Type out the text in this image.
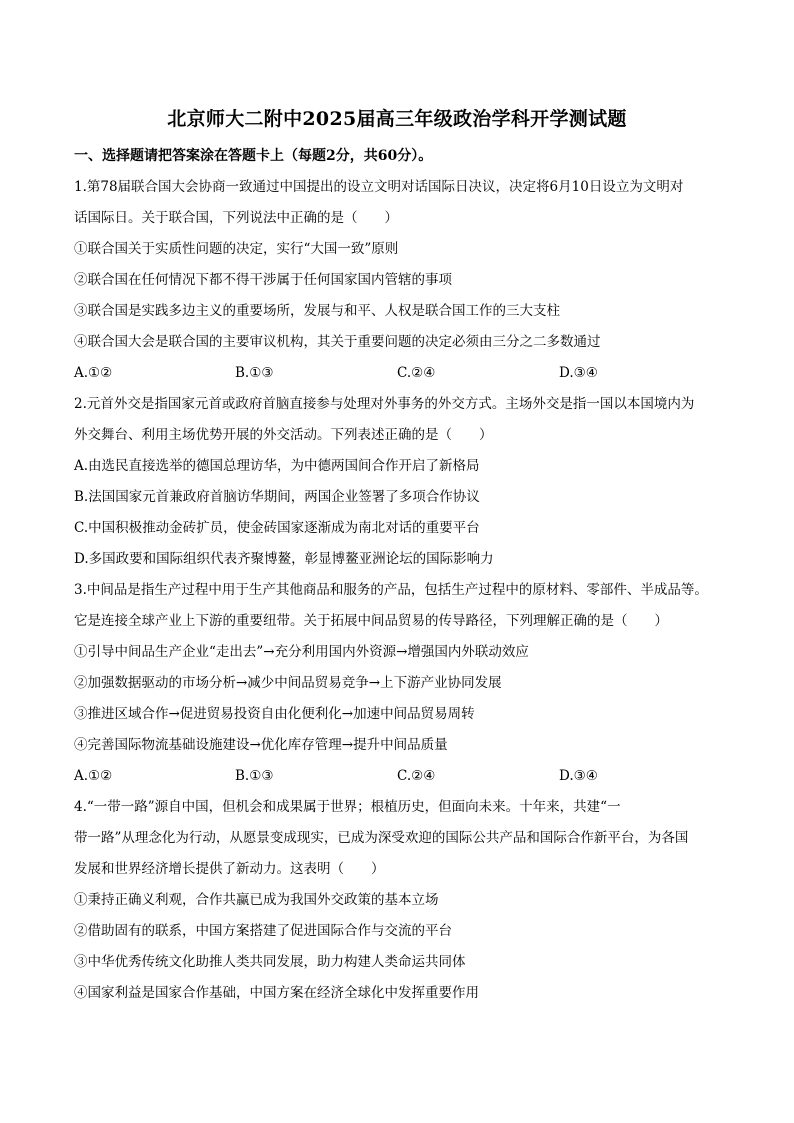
北京师大二附中2025届高三年级政治学科开学测试题
一、选择题请把答案涂在答题卡上（每题2分，共60分）。
1.第78届联合国大会协商一致通过中国提出的设立文明对话国际日决议，决定将6月10日设立为文明对
话国际日。关于联合国，下列说法中正确的是（　　）
①联合国关于实质性问题的决定，实行“大国一致”原则
②联合国在任何情况下都不得干涉属于任何国家国内管辖的事项
③联合国是实践多边主义的重要场所，发展与和平、人权是联合国工作的三大支柱
④联合国大会是联合国的主要审议机构，其关于重要问题的决定必须由三分之二多数通过
A.①②	B.①③	C.②④	D.③④
2.元首外交是指国家元首或政府首脑直接参与处理对外事务的外交方式。主场外交是指一国以本国境内为
外交舞台、利用主场优势开展的外交活动。下列表述正确的是（　　）
A.由选民直接选举的德国总理访华，为中德两国间合作开启了新格局
B.法国国家元首兼政府首脑访华期间，两国企业签署了多项合作协议
C.中国积极推动金砖扩员，使金砖国家逐渐成为南北对话的重要平台
D.多国政要和国际组织代表齐聚博鳌，彰显博鳌亚洲论坛的国际影响力
3.中间品是指生产过程中用于生产其他商品和服务的产品，包括生产过程中的原材料、零部件、半成品等。
它是连接全球产业上下游的重要纽带。关于拓展中间品贸易的传导路径，下列理解正确的是（　　）
①引导中间品生产企业“走出去”→充分利用国内外资源→增强国内外联动效应
②加强数据驱动的市场分析→减少中间品贸易竞争→上下游产业协同发展
③推进区域合作→促进贸易投资自由化便利化→加速中间品贸易周转
④完善国际物流基础设施建设→优化库存管理→提升中间品质量
A.①②	B.①③	C.②④	D.③④
4.“一带一路”源自中国，但机会和成果属于世界；根植历史，但面向未来。十年来，共建“一
带一路”从理念化为行动，从愿景变成现实，已成为深受欢迎的国际公共产品和国际合作新平台，为各国
发展和世界经济增长提供了新动力。这表明（　　）
①秉持正确义利观，合作共赢已成为我国外交政策的基本立场
②借助固有的联系，中国方案搭建了促进国际合作与交流的平台
③中华优秀传统文化助推人类共同发展，助力构建人类命运共同体
④国家利益是国家合作基础，中国方案在经济全球化中发挥重要作用
